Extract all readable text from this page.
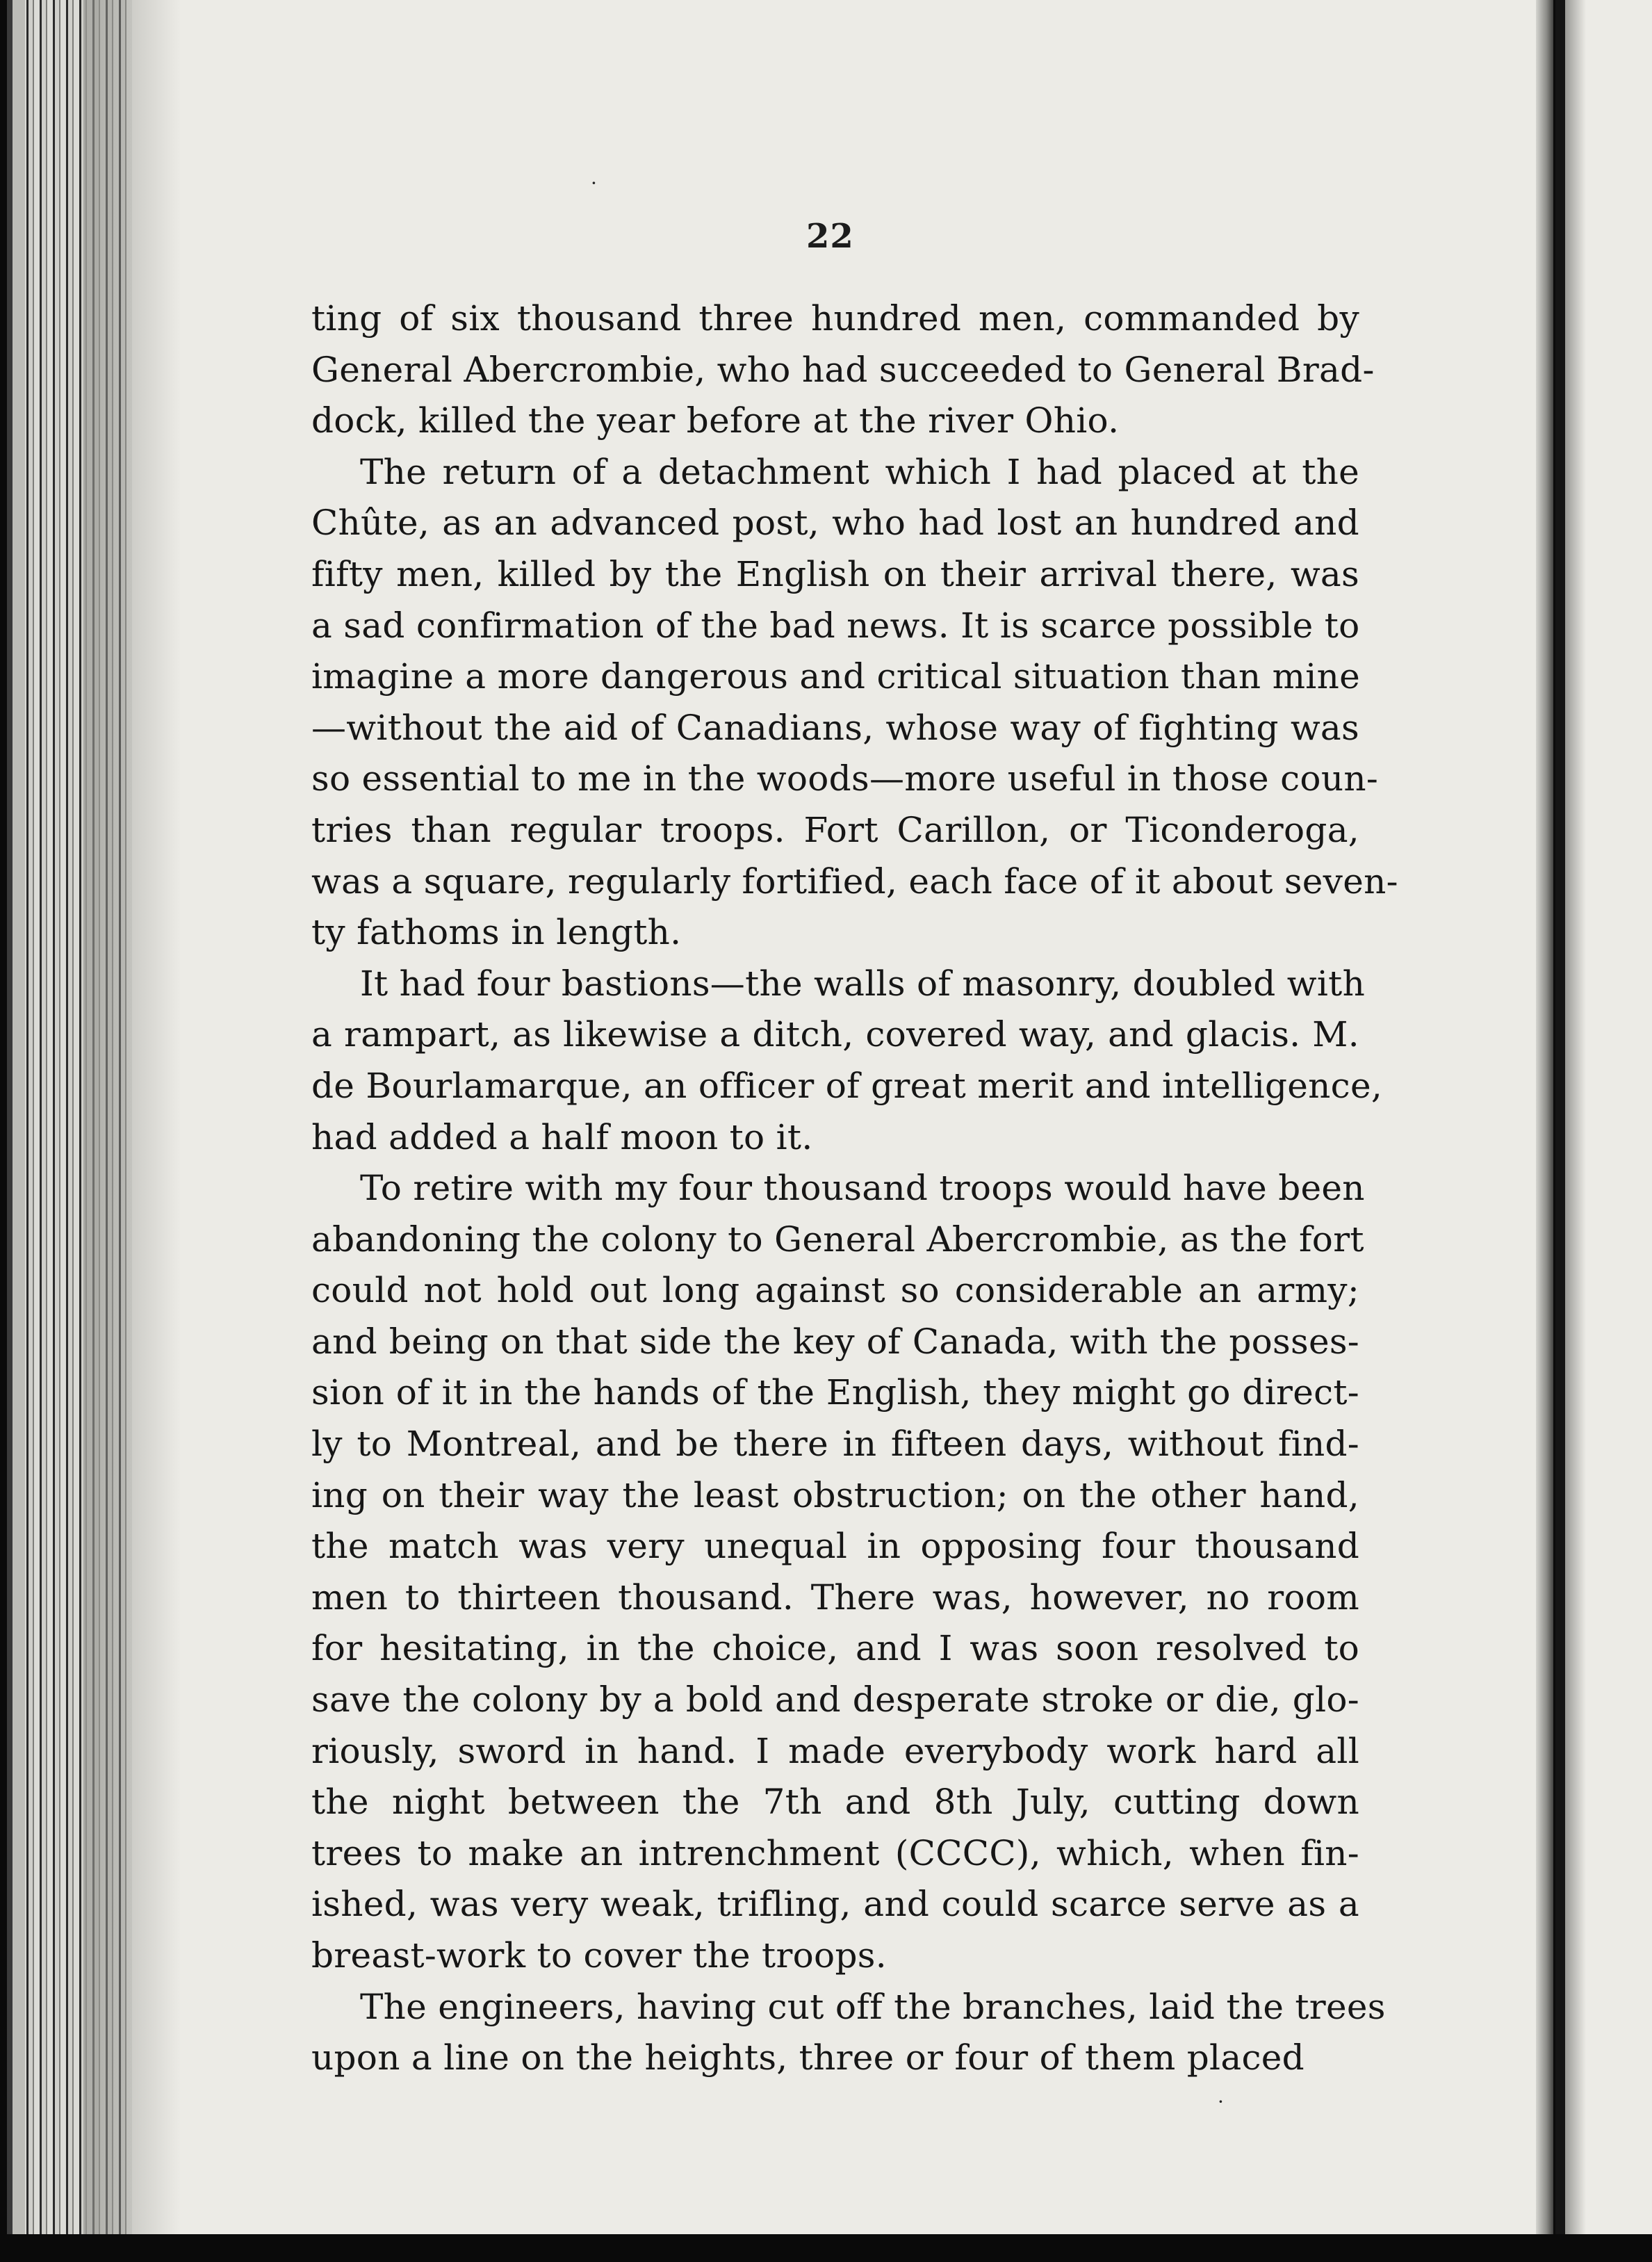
22
ting of six thousand three hundred men, commanded by
General Abercrombie, who had succeeded to General Brad-
dock, killed the year before at the river Ohio.
The return of a detachment which I had placed at the
Chûte, as an advanced post, who had lost an hundred and
fifty men, killed by the English on their arrival there, was
a sad confirmation of the bad news. It is scarce possible to
imagine a more dangerous and critical situation than mine
—without the aid of Canadians, whose way of fighting was
so essential to me in the woods—more useful in those coun-
tries than regular troops. Fort Carillon, or Ticonderoga,
was a square, regularly fortified, each face of it about seven-
ty fathoms in length.
It had four bastions—the walls of masonry, doubled with
a rampart, as likewise a ditch, covered way, and glacis. M.
de Bourlamarque, an officer of great merit and intelligence,
had added a half moon to it.
To retire with my four thousand troops would have been
abandoning the colony to General Abercrombie, as the fort
could not hold out long against so considerable an army;
and being on that side the key of Canada, with the posses-
sion of it in the hands of the English, they might go direct-
ly to Montreal, and be there in fifteen days, without find-
ing on their way the least obstruction; on the other hand,
the match was very unequal in opposing four thousand
men to thirteen thousand. There was, however, no room
for hesitating, in the choice, and I was soon resolved to
save the colony by a bold and desperate stroke or die, glo-
riously, sword in hand. I made everybody work hard all
the night between the 7th and 8th July, cutting down
trees to make an intrenchment (CCCC), which, when fin-
ished, was very weak, trifling, and could scarce serve as a
breast-work to cover the troops.
The engineers, having cut off the branches, laid the trees
upon a line on the heights, three or four of them placed
·
·
